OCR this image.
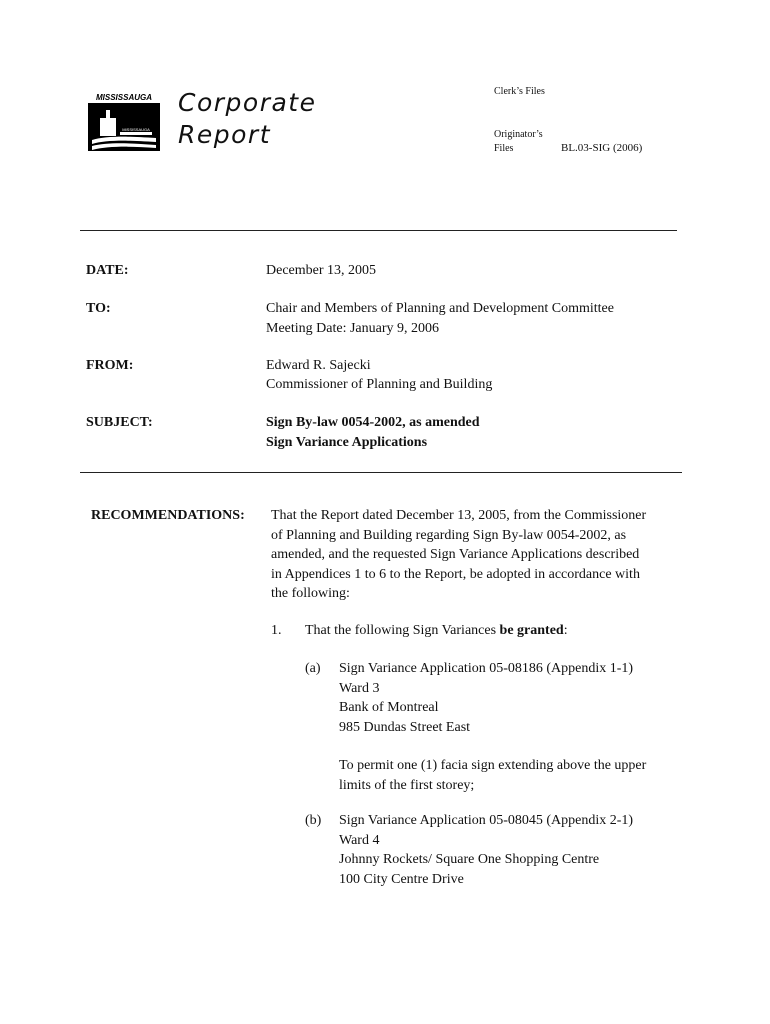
MISSISSAUGA
MISSISSAUGA
Corporate
Report
Clerk’s Files
Originator’s
Files	BL.03-SIG (2006)
DATE:	December 13, 2005
TO:	Chair and Members of Planning and Development Committee
Meeting Date: January 9, 2006
FROM:	Edward R. Sajecki
Commissioner of Planning and Building
SUBJECT:	Sign By-law 0054-2002, as amended
Sign Variance Applications
RECOMMENDATIONS: That the Report dated December 13, 2005, from the Commissioner
of Planning and Building regarding Sign By-law 0054-2002, as
amended, and the requested Sign Variance Applications described
in Appendices 1 to 6 to the Report, be adopted in accordance with
the following:
1. That the following Sign Variances be granted:
(a) Sign Variance Application 05-08186 (Appendix 1-1)
Ward 3
Bank of Montreal
985 Dundas Street East
To permit one (1) facia sign extending above the upper
limits of the first storey;
(b) Sign Variance Application 05-08045 (Appendix 2-1)
Ward 4
Johnny Rockets/ Square One Shopping Centre
100 City Centre Drive
